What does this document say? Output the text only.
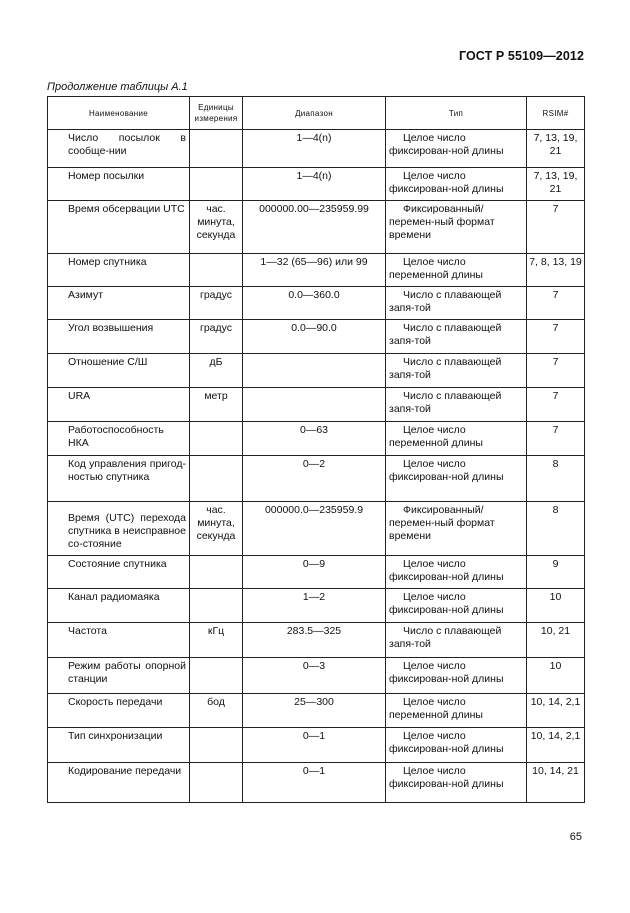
ГОСТ Р 55109—2012
Продолжение таблицы А.1
Наименование	Единицы измерения	Диапазон	Тип	RSIM#
Число посылок в сообще-нии		1—4(n)	Целое число фиксирован-ной длины	7, 13, 19, 21
Номер посылки		1—4(n)	Целое число фиксирован-ной длины	7, 13, 19, 21
Время обсервации UTC	час. минута, секунда	000000.00—235959.99	Фиксированный/перемен-ный формат времени	7
Номер спутника		1—32 (65—96) или 99	Целое число переменной длины	7, 8, 13, 19
Азимут	градус	0.0—360.0	Число с плавающей запя-той	7
Угол возвышения	градус	0.0—90.0	Число с плавающей запя-той	7
Отношение С/Ш	дБ		Число с плавающей запя-той	7
URA	метр		Число с плавающей запя-той	7
Работоспособность НКА		0—63	Целое число переменной длины	7
Код управления пригод-ностью спутника		0—2	Целое число фиксирован-ной длины	8
Время (UTC) перехода спутника в неисправное со-стояние	час. минута, секунда	000000.0—235959.9	Фиксированный/перемен-ный формат времени	8
Состояние спутника		0—9	Целое число фиксирован-ной длины	9
Канал радиомаяка		1—2	Целое число фиксирован-ной длины	10
Частота	кГц	283.5—325	Число с плавающей запя-той	10, 21
Режим работы опорной станции		0—3	Целое число фиксирован-ной длины	10
Скорость передачи	бод	25—300	Целое число переменной длины	10, 14, 2,1
Тип синхронизации		0—1	Целое число фиксирован-ной длины	10, 14, 2,1
Кодирование передачи		0—1	Целое число фиксирован-ной длины	10, 14, 21
65
